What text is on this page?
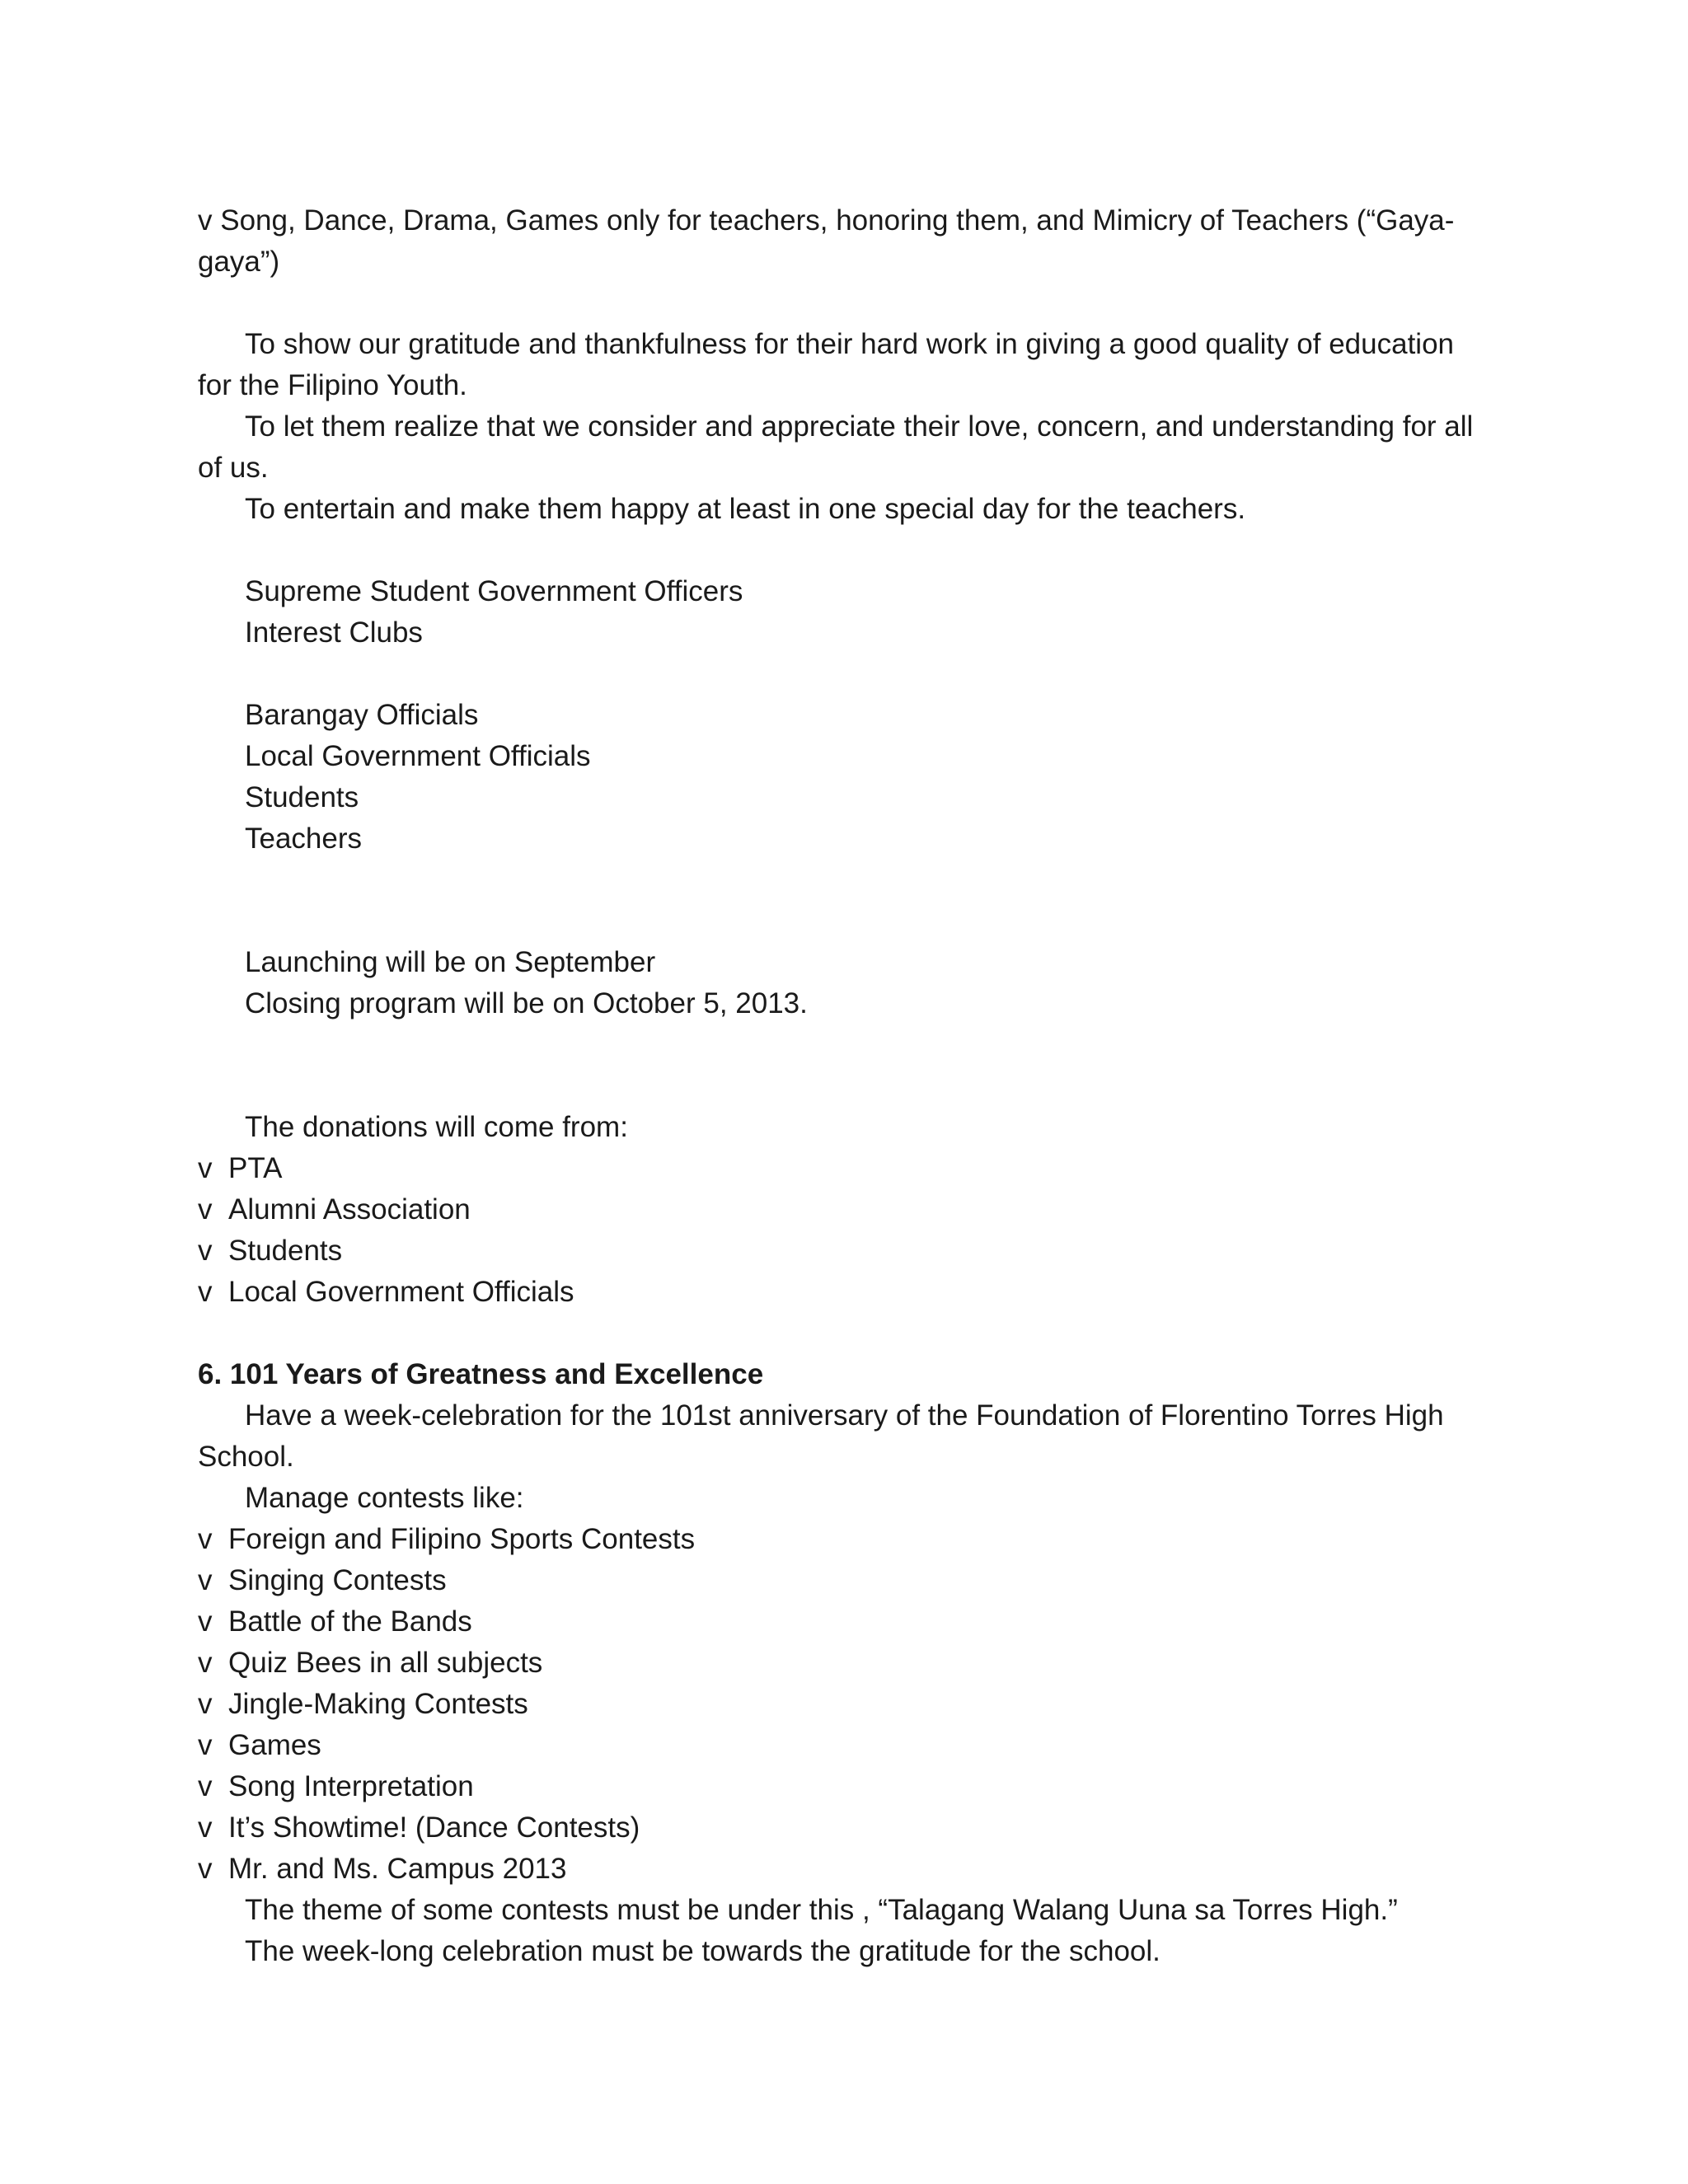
v Song, Dance, Drama, Games only for teachers, honoring them, and Mimicry of Teachers (“Gaya-
gaya”)
To show our gratitude and thankfulness for their hard work in giving a good quality of education
for the Filipino Youth.
To let them realize that we consider and appreciate their love, concern, and understanding for all
of us.
To entertain and make them happy at least in one special day for the teachers.
Supreme Student Government Officers
Interest Clubs
Barangay Officials
Local Government Officials
Students
Teachers
Launching will be on September
Closing program will be on October 5, 2013.
The donations will come from:
v PTA
v Alumni Association
v Students
v Local Government Officials
6. 101 Years of Greatness and Excellence
Have a week-celebration for the 101st anniversary of the Foundation of Florentino Torres High
School.
Manage contests like:
v Foreign and Filipino Sports Contests
v Singing Contests
v Battle of the Bands
v Quiz Bees in all subjects
v Jingle-Making Contests
v Games
v Song Interpretation
v It’s Showtime! (Dance Contests)
v Mr. and Ms. Campus 2013
The theme of some contests must be under this , “Talagang Walang Uuna sa Torres High.”
The week-long celebration must be towards the gratitude for the school.
